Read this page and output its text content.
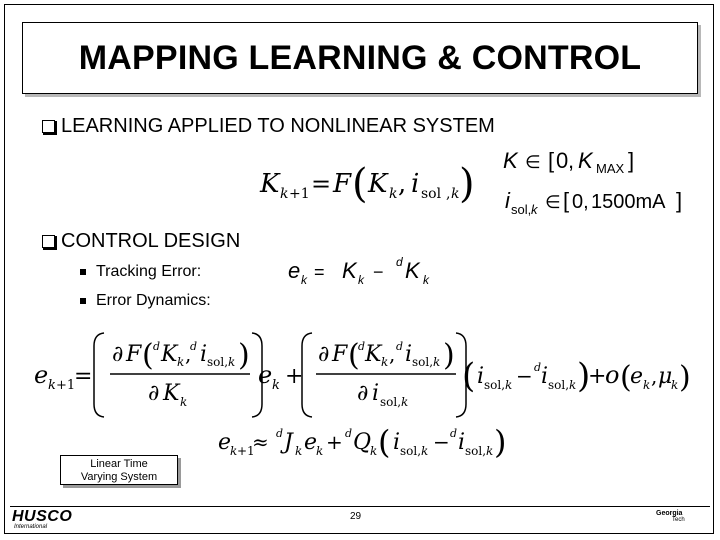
MAPPING LEARNING & CONTROL
LEARNING APPLIED TO NONLINEAR SYSTEM
CONTROL DESIGN
Tracking Error:
Error Dynamics:
K k +1 = F ( K k , i sol , k )
K ∈ [ 0 , K MAX ]
i sol, k ∈ [ 0, 1500mA ]
e k = K k − d K k
e k +1
=
∂ F ( d K k ,
d i sol, k )
∂ K k
e k +
∂ F (
d K k , d i sol, k )
∂ i sol, k
( i sol, k − d i sol, k )
+
o (
e k , μ
k )
e
k +1
≈ d J k e
k + d Q
k ( i sol, k − d i sol, k )
Linear Time
Varying System
HUSCO
International
29	Georgia
Tech
